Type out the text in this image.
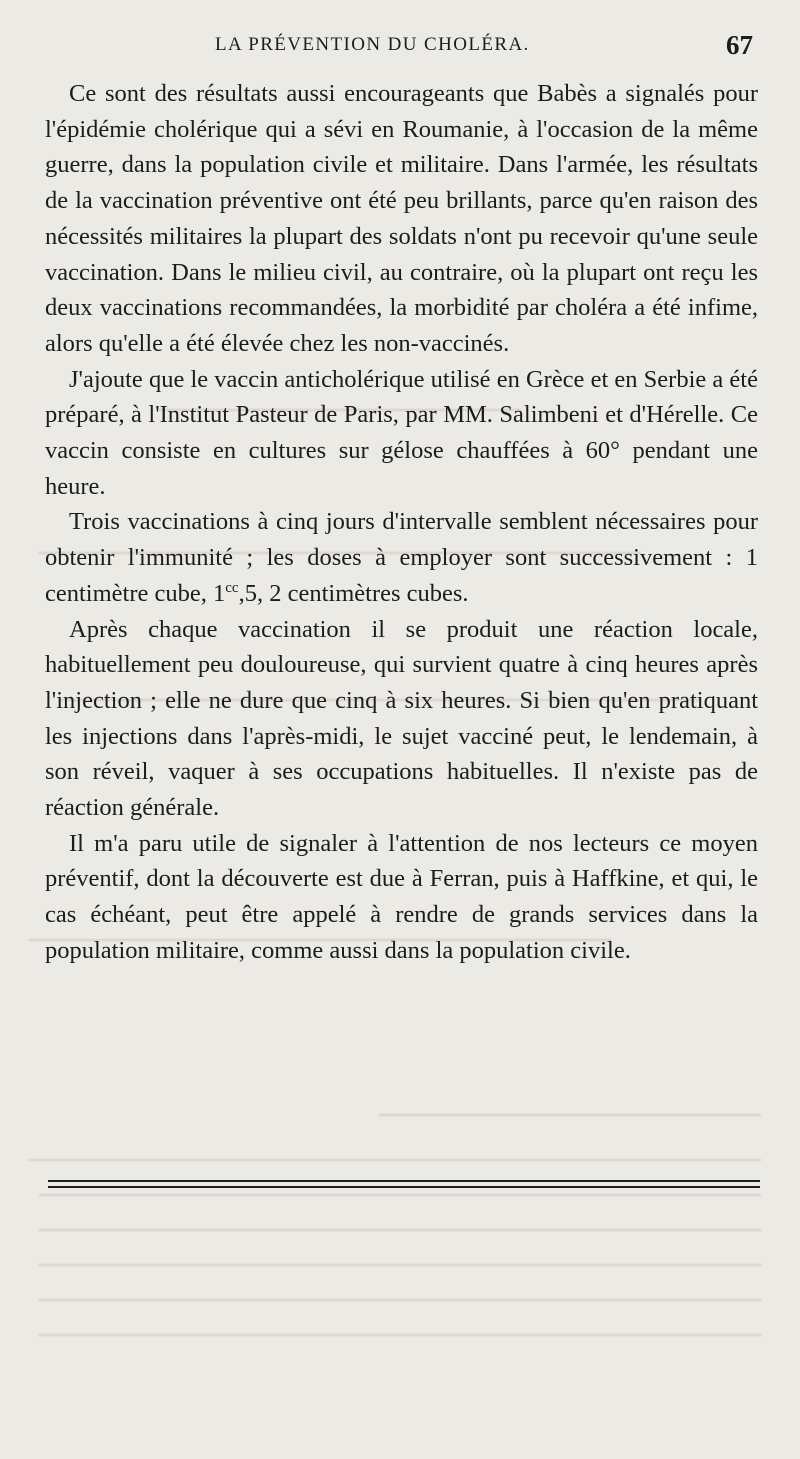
LA PRÉVENTION DU CHOLÉRA.	67

Ce sont des résultats aussi encourageants que Babès a signalés pour l'épidémie cholérique qui a sévi en Roumanie, à l'occasion de la même guerre, dans la population civile et militaire. Dans l'armée, les résultats de la vaccination préventive ont été peu brillants, parce qu'en raison des nécessités militaires la plupart des soldats n'ont pu recevoir qu'une seule vaccination. Dans le milieu civil, au contraire, où la plupart ont reçu les deux vaccinations recommandées, la morbidité par choléra a été infime, alors qu'elle a été élevée chez les non-vaccinés.

J'ajoute que le vaccin anticholérique utilisé en Grèce et en Serbie a été préparé, à l'Institut Pasteur de Paris, par MM. Salimbeni et d'Hérelle. Ce vaccin consiste en cultures sur gélose chauffées à 60° pendant une heure.

Trois vaccinations à cinq jours d'intervalle semblent nécessaires pour obtenir l'immunité ; les doses à employer sont successivement : 1 centimètre cube, $1^{cc},5$, 2 centimètres cubes.

Après chaque vaccination il se produit une réaction locale, habituellement peu douloureuse, qui survient quatre à cinq heures après l'injection ; elle ne dure que cinq à six heures. Si bien qu'en pratiquant les injections dans l'après-midi, le sujet vacciné peut, le lendemain, à son réveil, vaquer à ses occupations habituelles. Il n'existe pas de réaction générale.

Il m'a paru utile de signaler à l'attention de nos lecteurs ce moyen préventif, dont la découverte est due à Ferran, puis à Haffkine, et qui, le cas échéant, peut être appelé à rendre de grands services dans la population militaire, comme aussi dans la population civile.
